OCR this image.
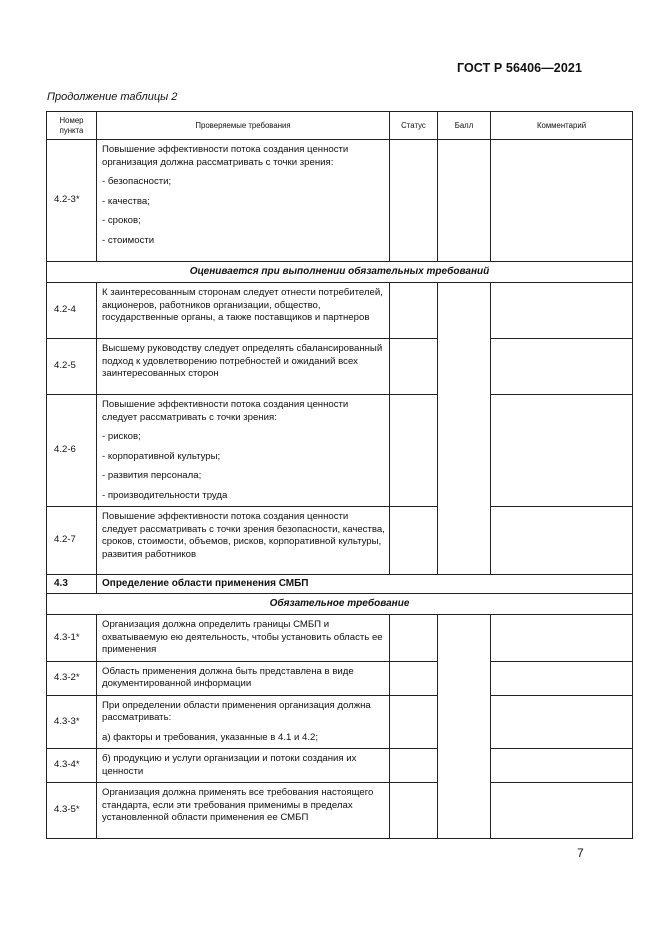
ГОСТ Р 56406—2021
Продолжение таблицы 2
Номер пункта	Проверяемые требования	Статус	Балл	Комментарий
4.2-3*	Повышение эффективности потока создания ценности организация должна рассматривать с точки зрения:

- безопасности;

- качества;

- сроков;

- стоимости			

Оценивается при выполнении обязательных требований				
4.2-4	К заинтересованным сторонам следует отнести потребителей, акционеров, работников организации, общество, государственные органы, а также поставщиков и партнеров			

4.2-5	Высшему руководству следует определять сбалансированный подход к удовлетворению потребностей и ожиданий всех заинтересованных сторон			

4.2-6	Повышение эффективности потока создания ценности следует рассматривать с точки зрения:

- рисков;

- корпоративной культуры;

- развития персонала;

- производительности труда			

4.2-7	Повышение эффективности потока создания ценности следует рассматривать с точки зрения безопасности, качества, сроков, стоимости, объемов, рисков, корпоративной культуры, развития работников			

4.3	Определение области применения СМБП			
Обязательное требование				
4.3-1*	Организация должна определить границы СМБП и охватываемую ею деятельность, чтобы установить область ее применения			

4.3-2*	Область применения должна быть представлена в виде документированной информации			

4.3-3*	При определении области применения организация должна рассматривать:

а) факторы и требования, указанные в 4.1 и 4.2;			

4.3-4*	б) продукцию и услуги организации и потоки создания их ценности			

4.3-5*	Организация должна применять все требования настоящего стандарта, если эти требования применимы в пределах установленной области применения ее СМБП			

7
